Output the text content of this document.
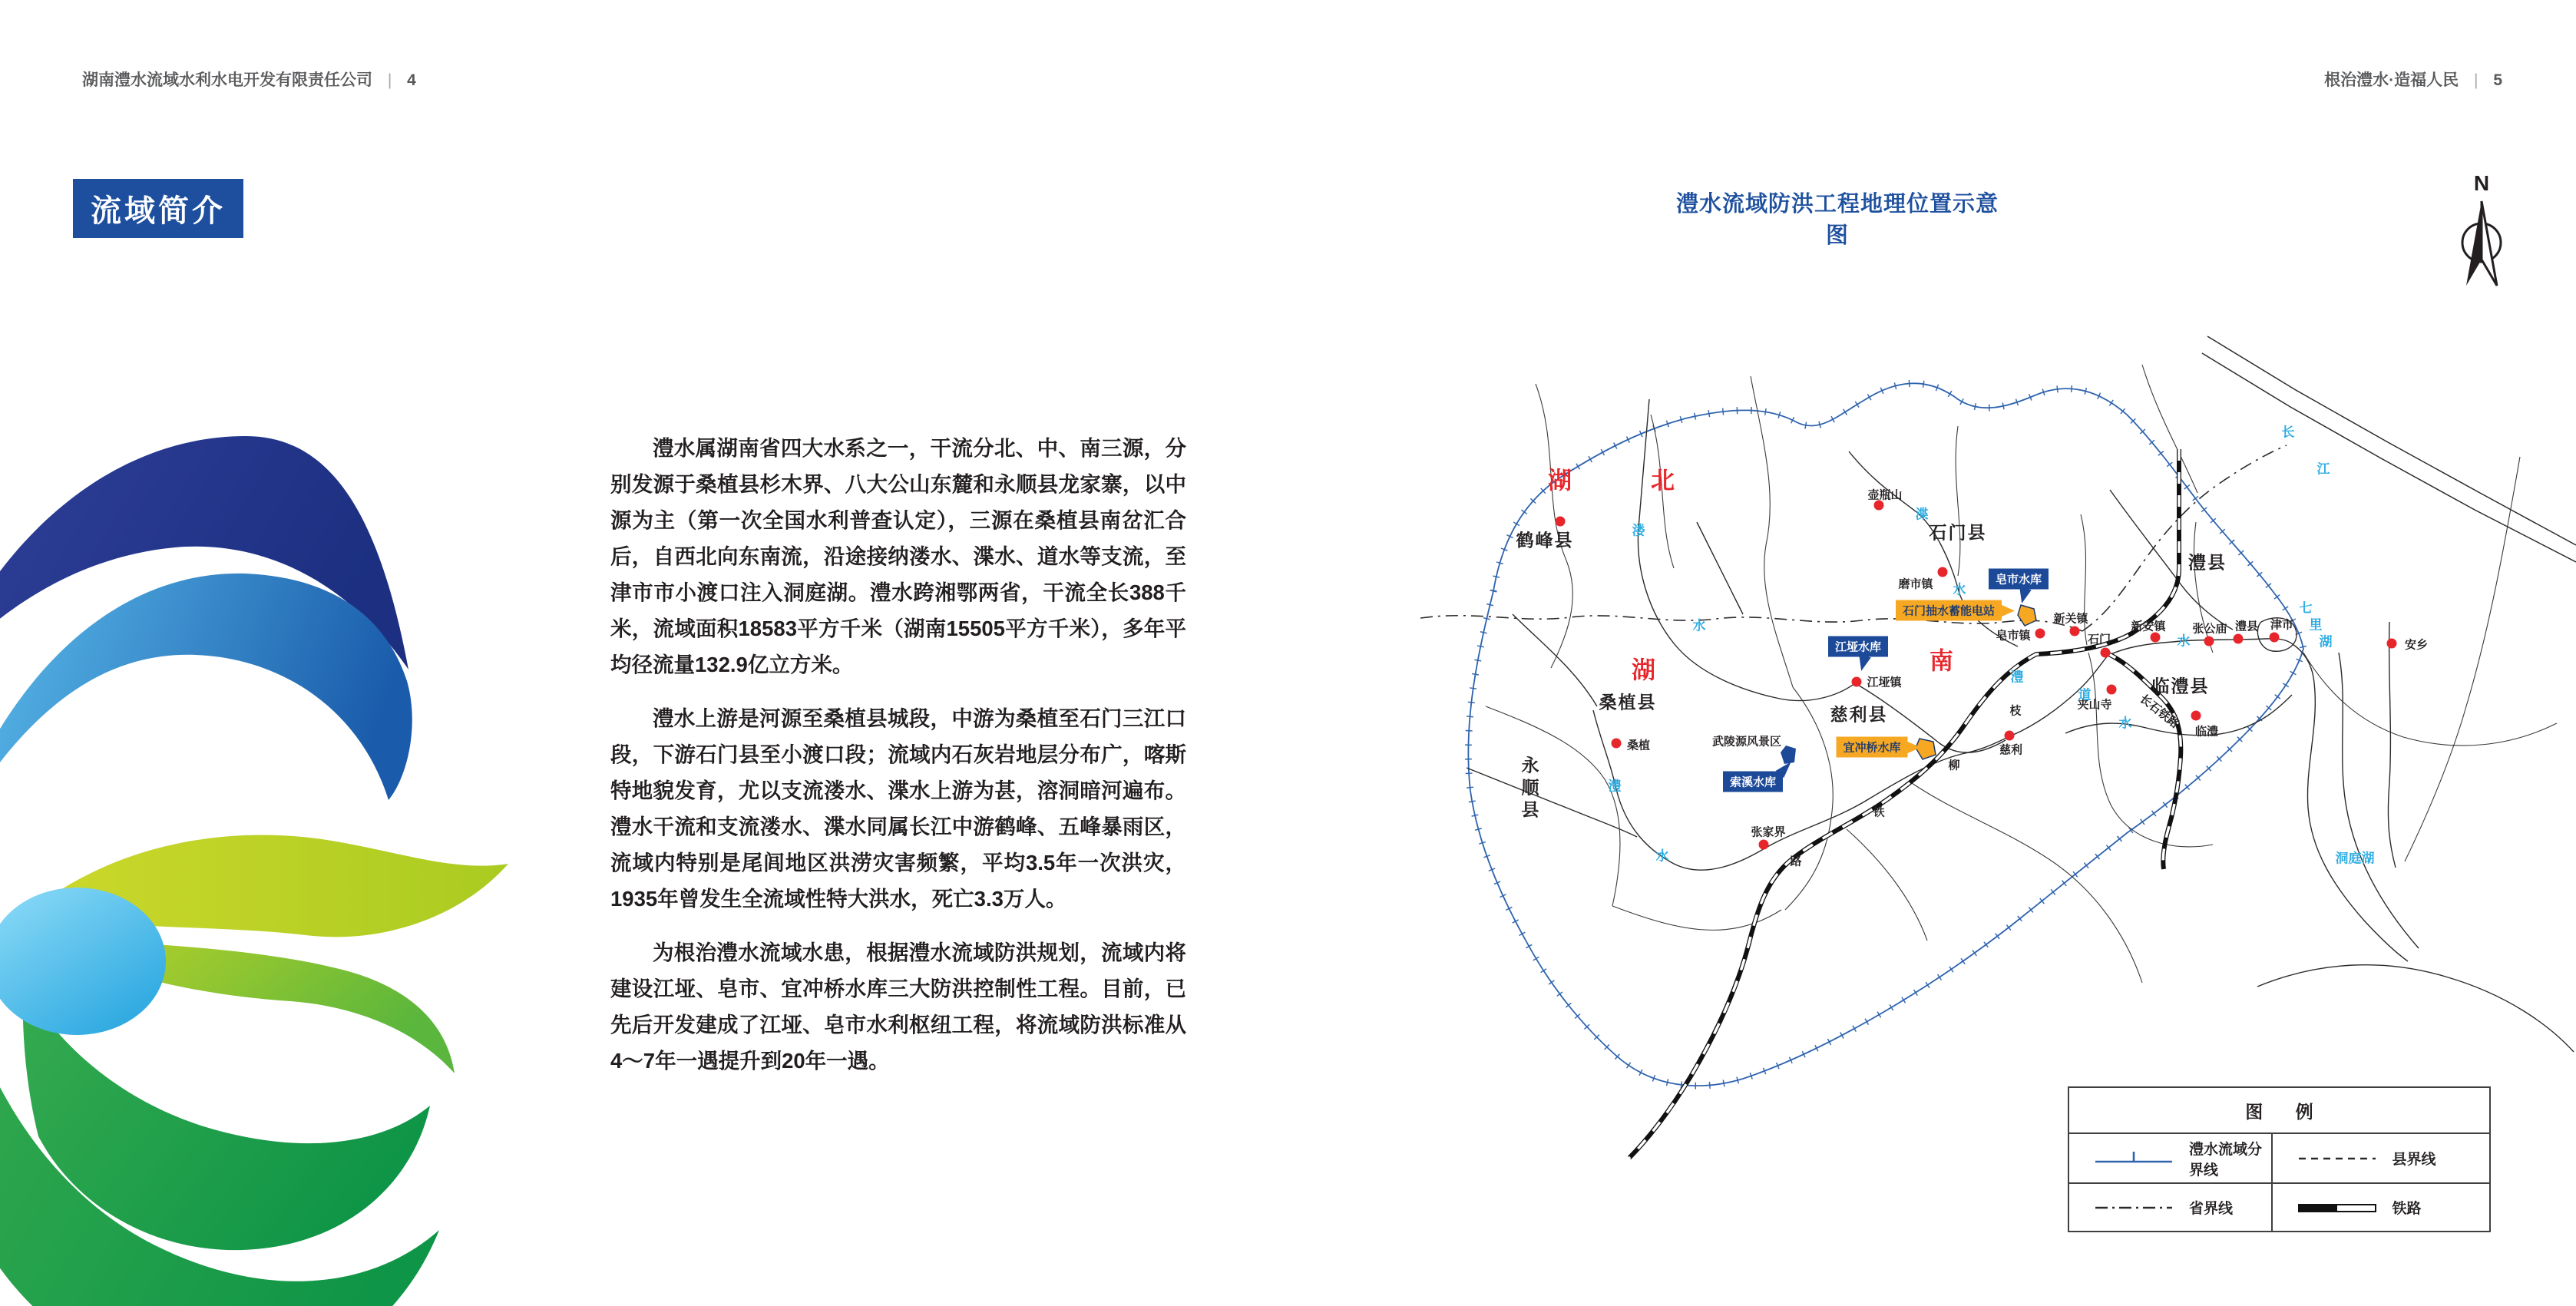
湖南澧水流域水利水电开发有限责任公司 | 4	根治澧水·造福人民 | 5
流域简介

澧水属湖南省四大水系之一，干流分北、中、南三源，分别发源于桑植县杉木界、八大公山东麓和永顺县龙家寨，以中源为主（第一次全国水利普查认定），三源在桑植县南岔汇合后，自西北向东南流，沿途接纳溇水、渫水、道水等支流，至津市市小渡口注入洞庭湖。澧水跨湘鄂两省，干流全长388千米，流域面积18583平方千米（湖南15505平方千米），多年平均径流量132.9亿立方米。

澧水上游是河源至桑植县城段，中游为桑植至石门三江口段，下游石门县至小渡口段；流域内石灰岩地层分布广，喀斯特地貌发育，尤以支流溇水、渫水上游为甚，溶洞暗河遍布。澧水干流和支流溇水、渫水同属长江中游鹤峰、五峰暴雨区，流域内特别是尾闾地区洪涝灾害频繁，平均3.5年一次洪灾，1935年曾发生全流域性特大洪水，死亡3.3万人。

为根治澧水流域水患，根据澧水流域防洪规划，流域内将建设江垭、皂市、宜冲桥水库三大防洪控制性工程。目前，已先后开发建成了江垭、皂市水利枢纽工程，将流域防洪标准从4～7年一遇提升到20年一遇。

澧水流域防洪工程地理位置示意图
N
湖	北
湖	南
鹤峰县	石门县
澧县
桑植县
慈利县
临澧县
永顺县
壶瓶山
磨市镇
皂市镇
新关镇
石门
新安镇 张公庙 澧县 津市
江垭镇
夹山寺
临澧
慈利
桑植
张家界
安乡
武陵源风景区
溇
水
渫
水
澧
水
道
水
澧
水
长
江
七
里
湖
洞庭湖
枝
柳
铁
路
长石铁路
皂市水库
江垭水库
索溪水库
石门抽水蓄能电站
宜冲桥水库
图 例
澧水流域分界线
县界线
省界线	铁路
